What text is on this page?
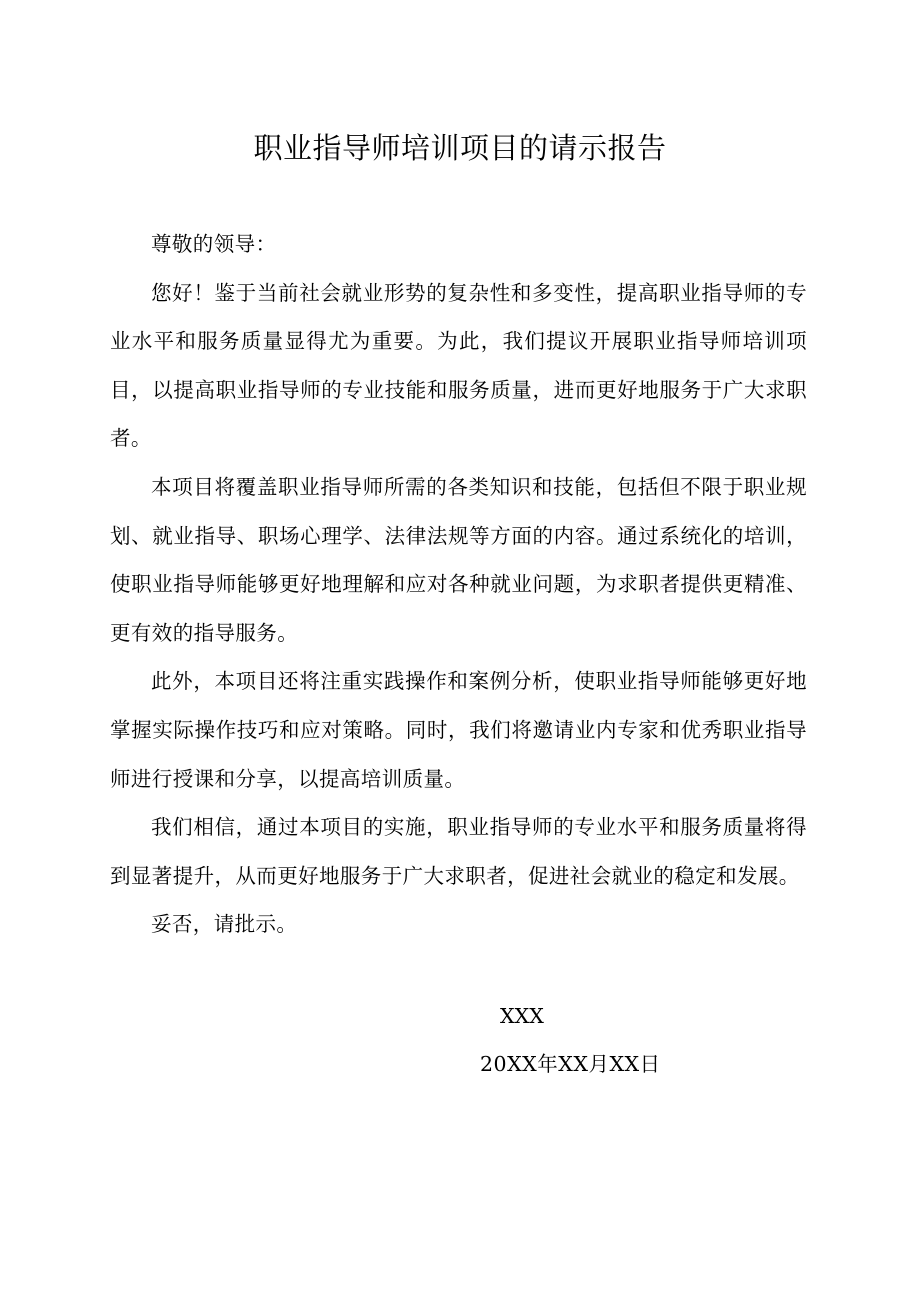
职业指导师培训项目的请示报告

尊敬的领导：

您好！鉴于当前社会就业形势的复杂性和多变性，提高职业指导师的专业水平和服务质量显得尤为重要。为此，我们提议开展职业指导师培训项目，以提高职业指导师的专业技能和服务质量，进而更好地服务于广大求职者。

本项目将覆盖职业指导师所需的各类知识和技能，包括但不限于职业规划、就业指导、职场心理学、法律法规等方面的内容。通过系统化的培训，使职业指导师能够更好地理解和应对各种就业问题，为求职者提供更精准、更有效的指导服务。

此外，本项目还将注重实践操作和案例分析，使职业指导师能够更好地掌握实际操作技巧和应对策略。同时，我们将邀请业内专家和优秀职业指导师进行授课和分享，以提高培训质量。

我们相信，通过本项目的实施，职业指导师的专业水平和服务质量将得到显著提升，从而更好地服务于广大求职者，促进社会就业的稳定和发展。

妥否，请批示。

XXX
20XX年XX月XX日
